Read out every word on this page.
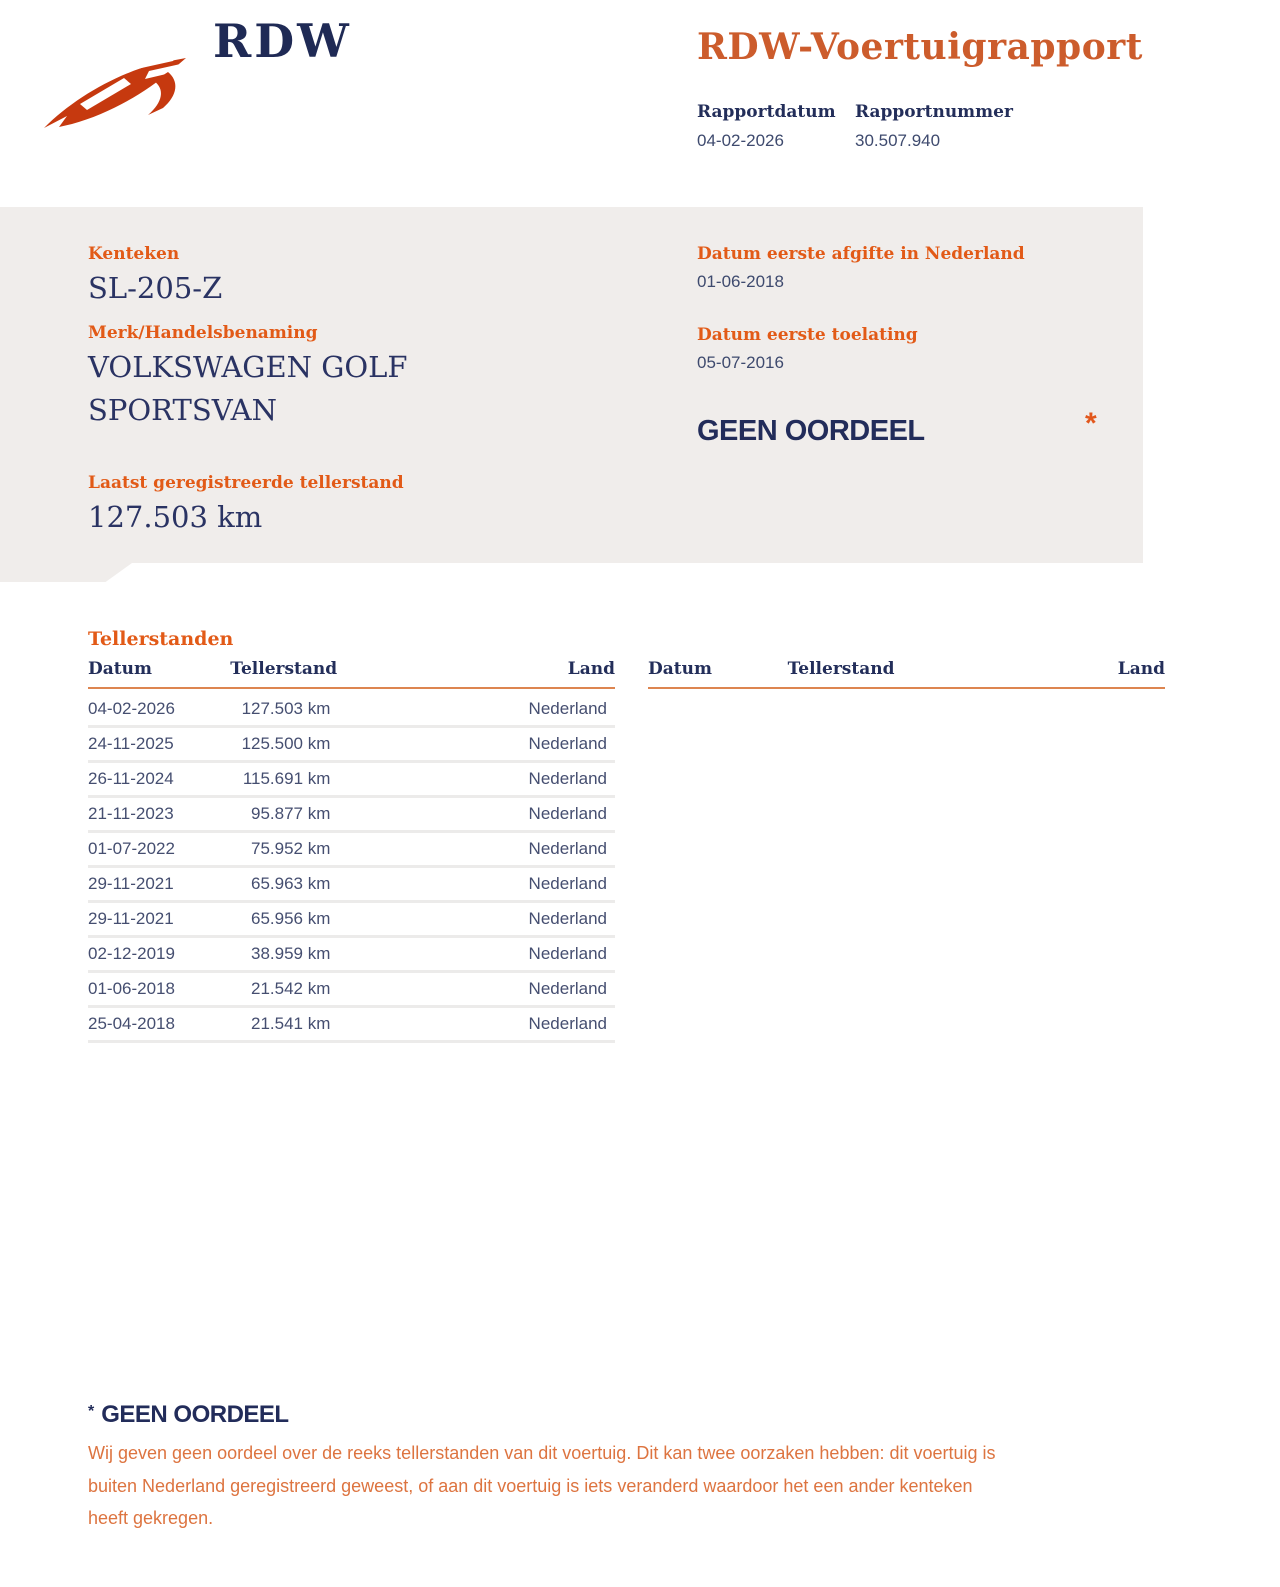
RDW	RDW-Voertuigrapport
Rapportdatum	Rapportnummer
04-02-2026	30.507.940
Kenteken
SL-205-Z
Merk/Handelsbenaming
VOLKSWAGEN GOLF SPORTSVAN
Laatst geregistreerde tellerstand
127.503 km
Datum eerste afgifte in Nederland
01-06-2018
Datum eerste toelating
05-07-2016
GEEN OORDEEL	*
Tellerstanden
Datum	Tellerstand	Land
04-02-2026	127.503 km	Nederland
24-11-2025	125.500 km	Nederland
26-11-2024	115.691 km	Nederland
21-11-2023	95.877 km	Nederland
01-07-2022	75.952 km	Nederland
29-11-2021	65.963 km	Nederland
29-11-2021	65.956 km	Nederland
02-12-2019	38.959 km	Nederland
01-06-2018	21.542 km	Nederland
25-04-2018	21.541 km	Nederland
Datum	Tellerstand	Land
* GEEN OORDEEL
Wij geven geen oordeel over de reeks tellerstanden van dit voertuig. Dit kan twee oorzaken hebben: dit voertuig is
buiten Nederland geregistreerd geweest, of aan dit voertuig is iets veranderd waardoor het een ander kenteken
heeft gekregen.
